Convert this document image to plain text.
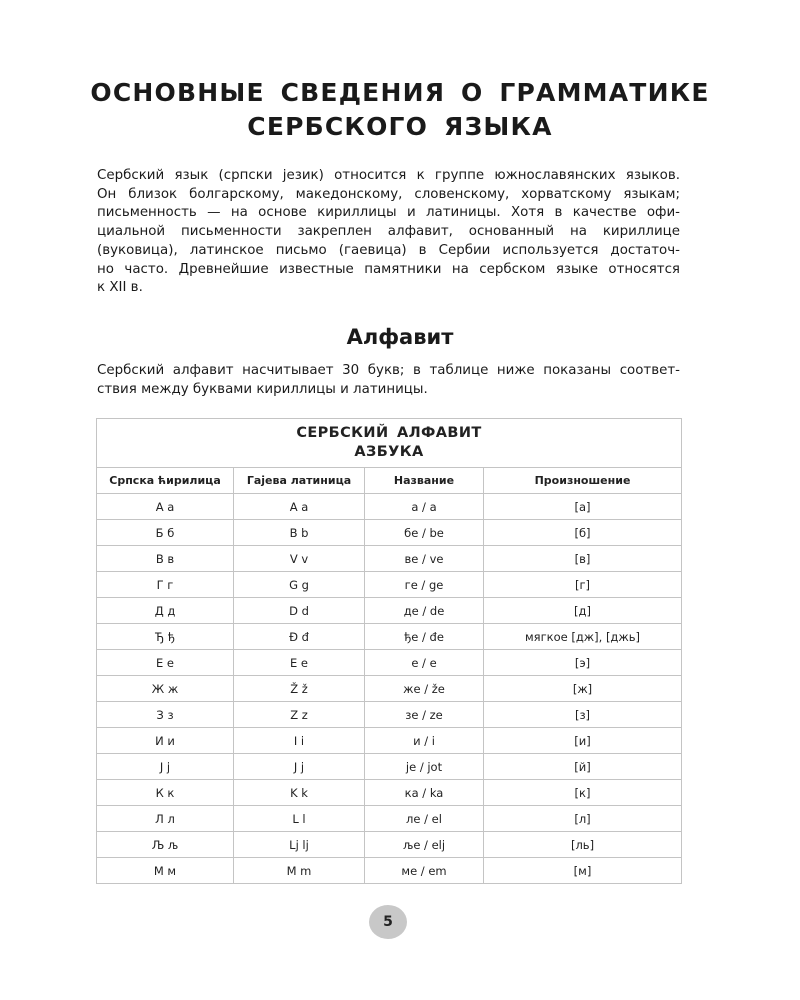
ОСНОВНЫЕ СВЕДЕНИЯ О ГРАММАТИКЕ
СЕРБСКОГО ЯЗЫКА

Сербский язык (српски језик) относится к группе южнославянских языков.
Он близок болгарскому, македонскому, словенскому, хорватскому языкам;
письменность — на основе кириллицы и латиницы. Хотя в качестве офи-
циальной письменности закреплен алфавит, основанный на кириллице
(вуковица), латинское письмо (гаевица) в Сербии используется достаточ-
но часто. Древнейшие известные памятники на сербском языке относятся
к XII в.

Алфавит

Сербский алфавит насчитывает 30 букв; в таблице ниже показаны соответ-
ствия между буквами кириллицы и латиницы.

СЕРБСКИЙ АЛФАВИТ
АЗБУКА			

Српска ћирилица	Гајева латиница	Название	Произношение
А а	A a	а / a	[а]
Б б	B b	бе / be	[б]
В в	V v	ве / ve	[в]
Г г	G g	ге / ge	[г]
Д д	D d	де / de	[д]
Ђ ђ	Đ đ	ђе / đe	мягкое [дж], [джь]
Е е	E e	е / e	[э]
Ж ж	Ž ž	же / že	[ж]
З з	Z z	зе / ze	[з]
И и	I i	и / i	[и]
Ј ј	J j	je / jot	[й]
К к	K k	ка / ka	[к]
Л л	L l	ле / el	[л]
Љ љ	Lj lj	ље / elj	[ль]
М м	M m	ме / em	[м]
5
